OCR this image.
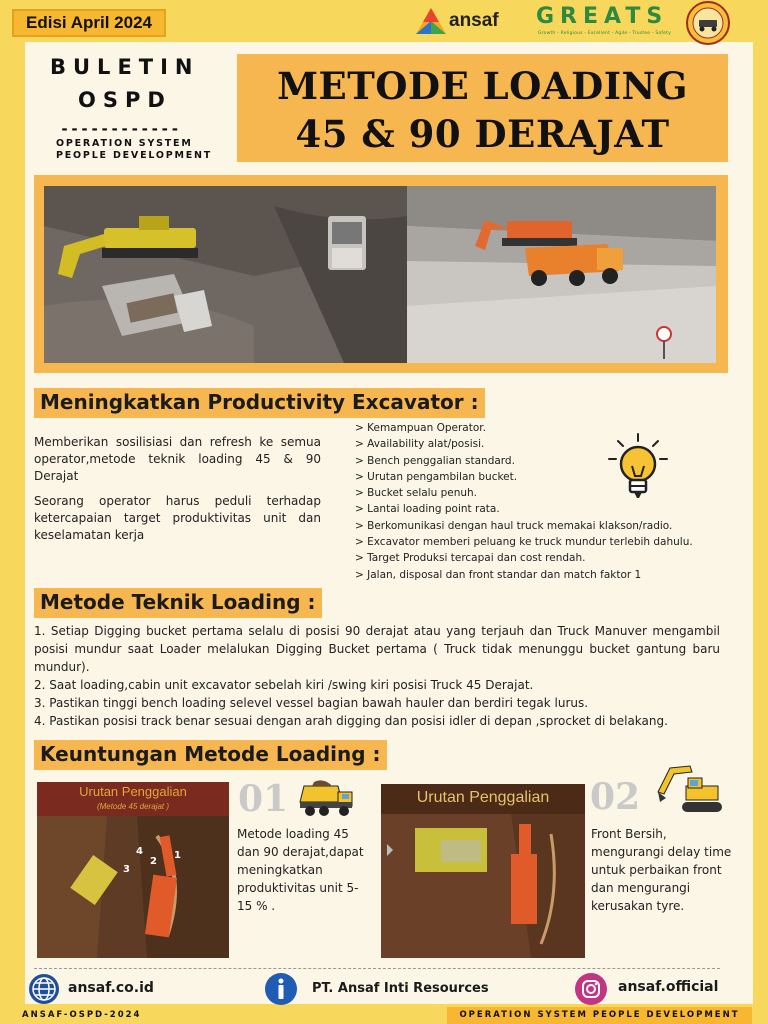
Edisi April 2024	ansaf GREATS
Growth - Religious - Excellent - Agile - Trustee - Safety
BULETIN
OSPD
------------
OPERATION SYSTEM
PEOPLE DEVELOPMENT
METODE LOADING
45 & 90 DERAJAT
Meningkatkan Productivity Excavator :
Memberikan sosilisiasi dan refresh ke semua operator,metode teknik loading 45 & 90 Derajat
Seorang operator harus peduli terhadap ketercapaian target produktivitas unit dan keselamatan kerja
> Kemampuan Operator.
> Availability alat/posisi.
> Bench penggalian standard.
> Urutan pengambilan bucket.
> Bucket selalu penuh.
> Lantai loading point rata.
> Berkomunikasi dengan haul truck memakai klakson/radio.
> Excavator memberi peluang ke truck mundur terlebih dahulu.
> Target Produksi tercapai dan cost rendah.
> Jalan, disposal dan front standar dan match faktor 1
Metode Teknik Loading :

1. Setiap Digging bucket pertama selalu di posisi 90 derajat atau yang terjauh dan Truck Manuver mengambil posisi mundur saat Loader melalukan Digging Bucket pertama ( Truck tidak menunggu bucket gantung baru mundur).

2. Saat loading,cabin unit excavator sebelah kiri /swing kiri posisi Truck 45 Derajat.

3. Pastikan tinggi bench loading selevel vessel bagian bawah hauler dan berdiri tegak lurus.

4. Pastikan posisi track benar sesuai dengan arah digging dan posisi idler di depan ,sprocket di belakang.

Keuntungan Metode Loading :
Urutan Penggalian
(Metode 45 derajat )
4	1
2
3
01
Metode loading 45
dan 90 derajat,dapat
meningkatkan
produktivitas unit 5-
15 % .
Urutan Penggalian	02
Front Bersih,
mengurangi delay time
untuk perbaikan front
dan mengurangi
kerusakan tyre.
ansaf.co.id	PT. Ansaf Inti Resources	ansaf.official
ANSAF-OSPD-2024	OPERATION SYSTEM PEOPLE DEVELOPMENT
